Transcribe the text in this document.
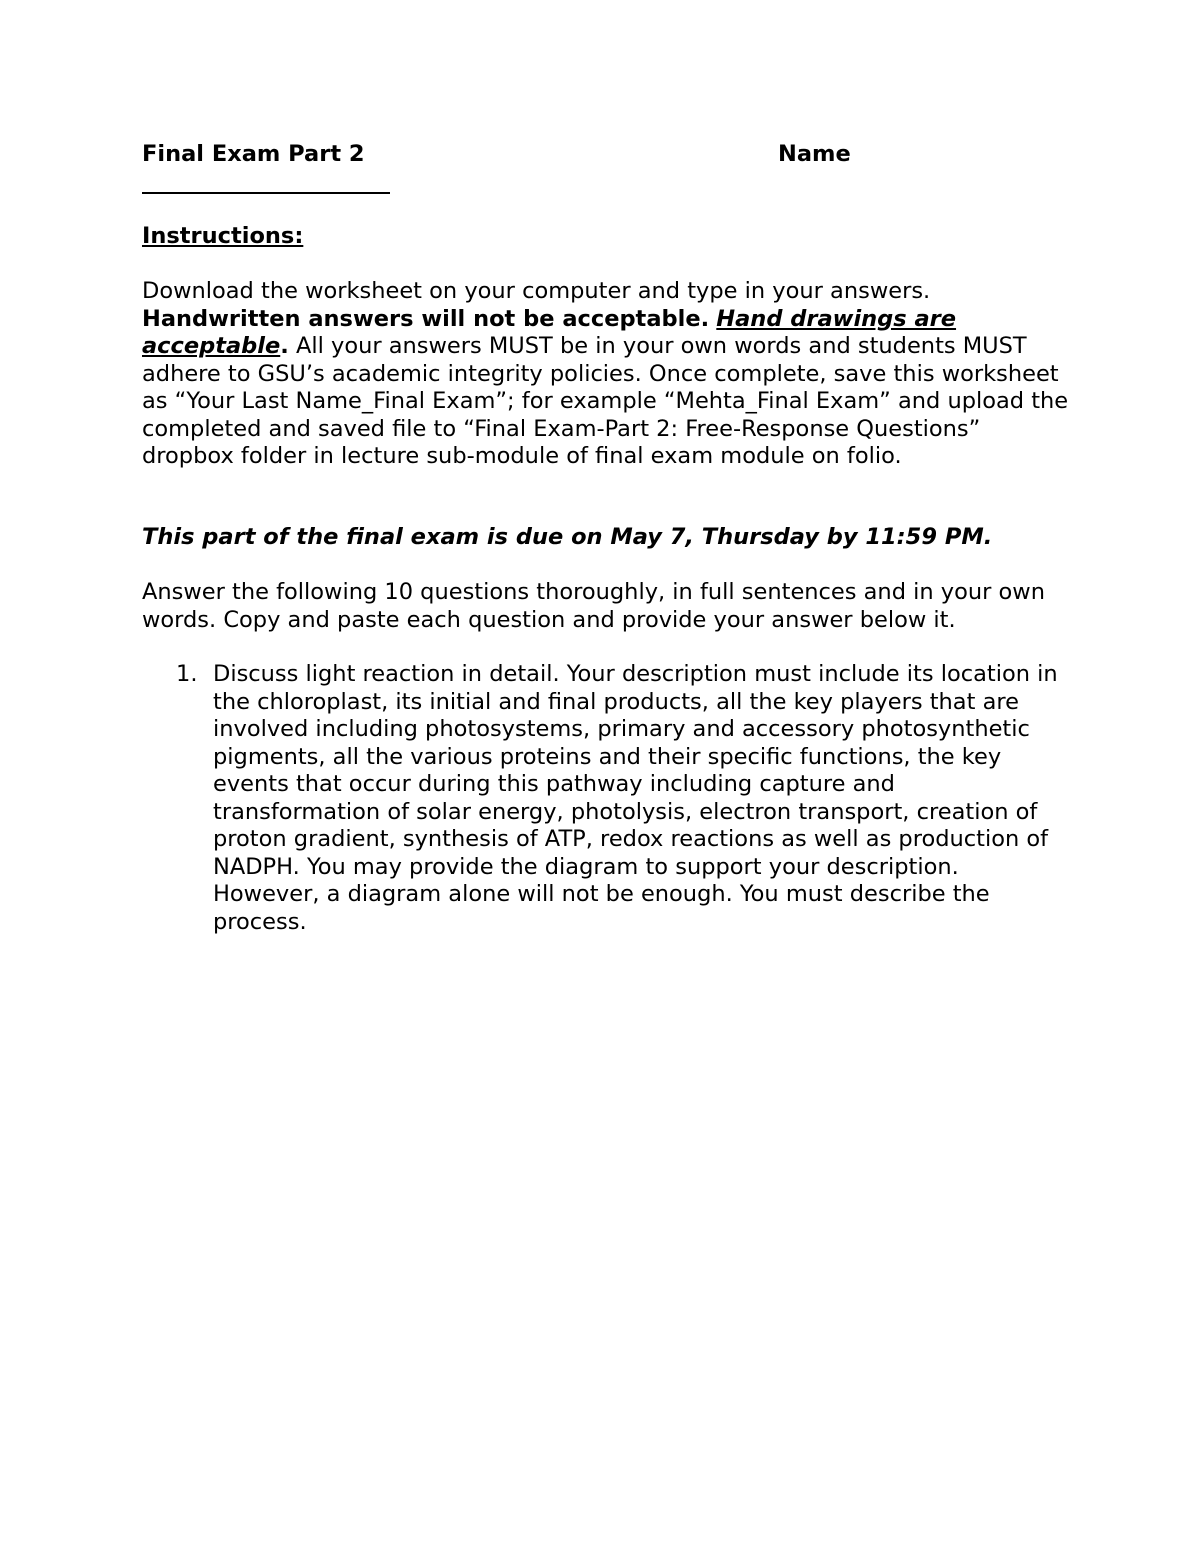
Final Exam Part 2	Name
Instructions:

Download the worksheet on your computer and type in your answers. Handwritten answers will not be acceptable. Hand drawings are acceptable. All your answers MUST be in your own words and students MUST adhere to GSU’s academic integrity policies. Once complete, save this worksheet as “Your Last Name_Final Exam”; for example “Mehta_Final Exam” and upload the completed and saved file to “Final Exam-Part 2: Free-Response Questions” dropbox folder in lecture sub-module of final exam module on folio.

This part of the final exam is due on May 7, Thursday by 11:59 PM.

Answer the following 10 questions thoroughly, in full sentences and in your own words. Copy and paste each question and provide your answer below it.

1. Discuss light reaction in detail. Your description must include its location in the chloroplast, its initial and final products, all the key players that are involved including photosystems, primary and accessory photosynthetic pigments, all the various proteins and their specific functions, the key events that occur during this pathway including capture and transformation of solar energy, photolysis, electron transport, creation of proton gradient, synthesis of ATP, redox reactions as well as production of NADPH. You may provide the diagram to support your description. However, a diagram alone will not be enough. You must describe the process.
